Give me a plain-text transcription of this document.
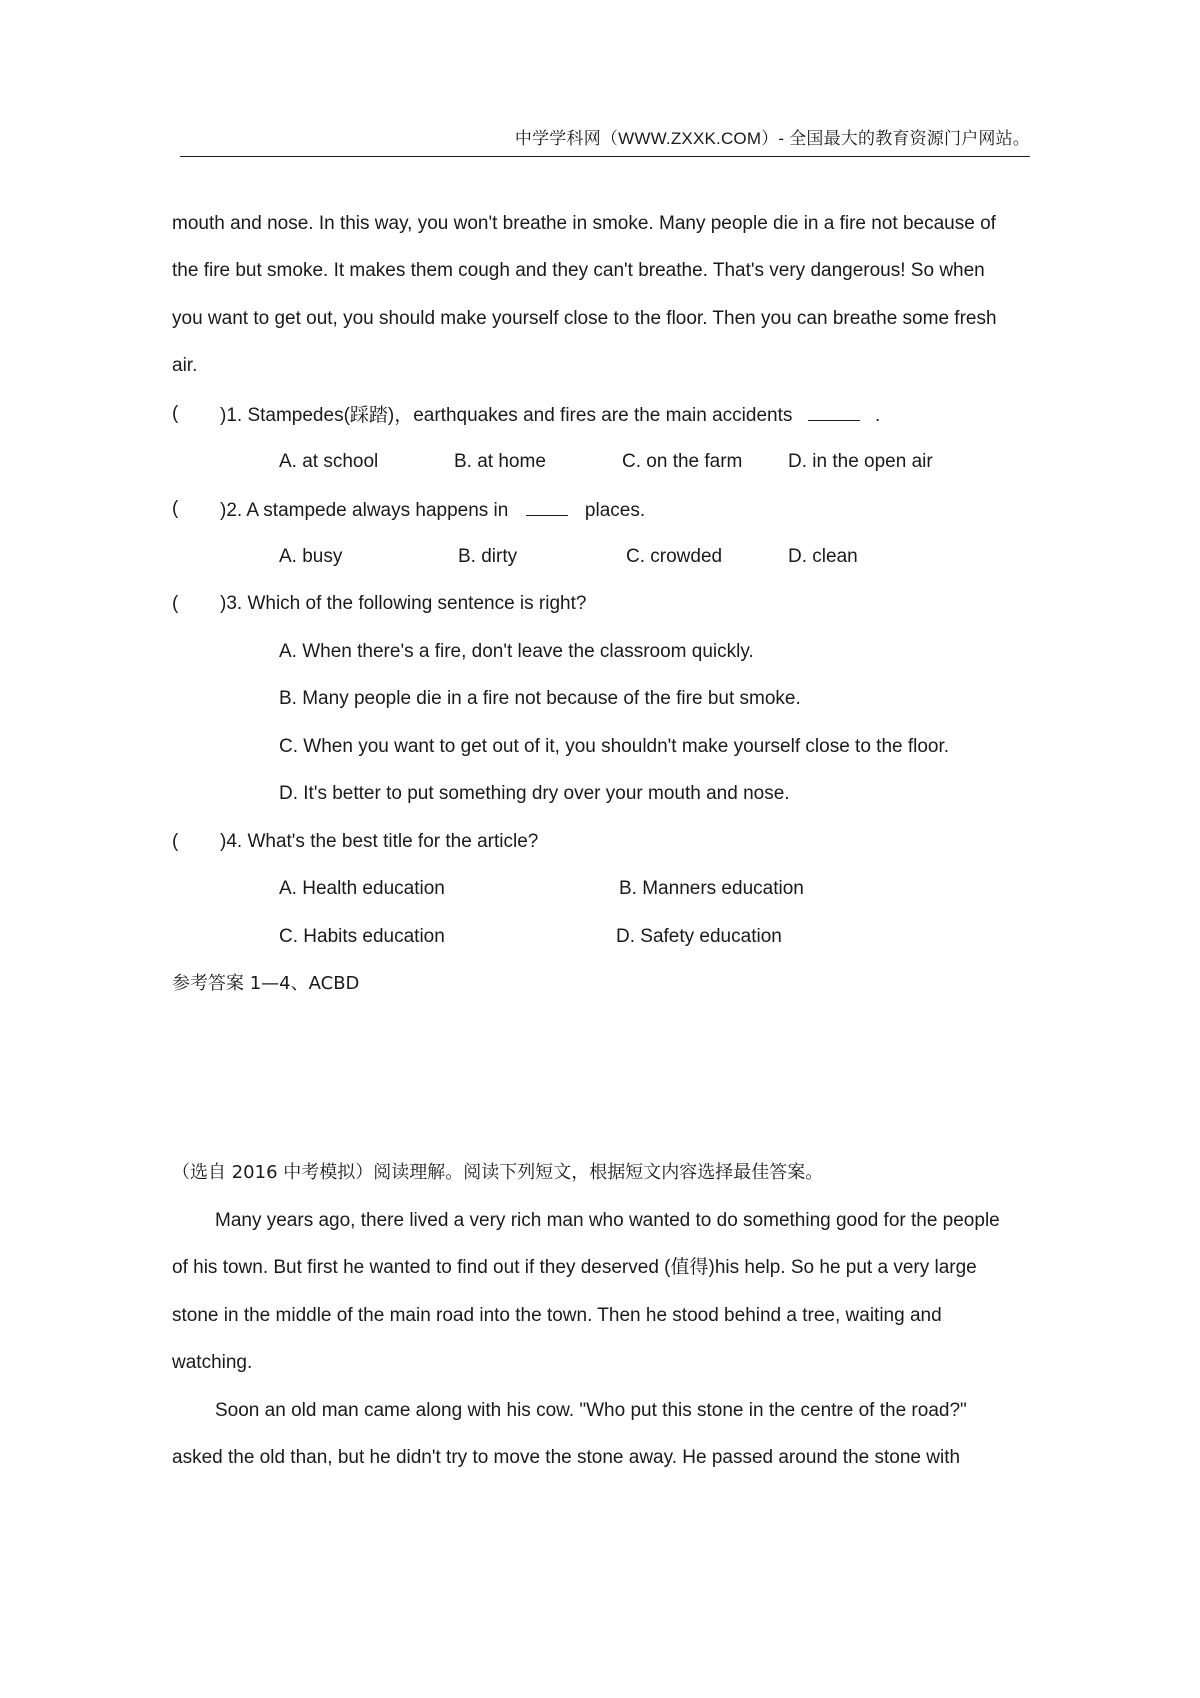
中学学科网（WWW.ZXXK.COM）- 全国最大的教育资源门户网站。
mouth and nose. In this way, you won't breathe in smoke. Many people die in a fire not because of
the fire but smoke. It makes them cough and they can't breathe. That's very dangerous! So when
you want to get out, you should make yourself close to the floor. Then you can breathe some fresh
air.
( )1. Stampedes(踩踏)，earthquakes and fires are the main accidents	.
A. at school	B. at home	C. on the farm D. in the open air
( )2. A stampede always happens in	places.
A. busy	B. dirty	C. crowded	D. clean
( )3. Which of the following sentence is right?
A. When there's a fire, don't leave the classroom quickly.
B. Many people die in a fire not because of the fire but smoke.
C. When you want to get out of it, you shouldn't make yourself close to the floor.
D. It's better to put something dry over your mouth and nose.
( )4. What's the best title for the article?
A. Health education	B. Manners education
C. Habits education	D. Safety education
参考答案 1—4、ACBD
（选自 2016 中考模拟）阅读理解。阅读下列短文，根据短文内容选择最佳答案。
Many years ago, there lived a very rich man who wanted to do something good for the people
of his town. But first he wanted to find out if they deserved (值得)his help. So he put a very large
stone in the middle of the main road into the town. Then he stood behind a tree, waiting and
watching.
Soon an old man came along with his cow. "Who put this stone in the centre of the road?"
asked the old than, but he didn't try to move the stone away. He passed around the stone with
